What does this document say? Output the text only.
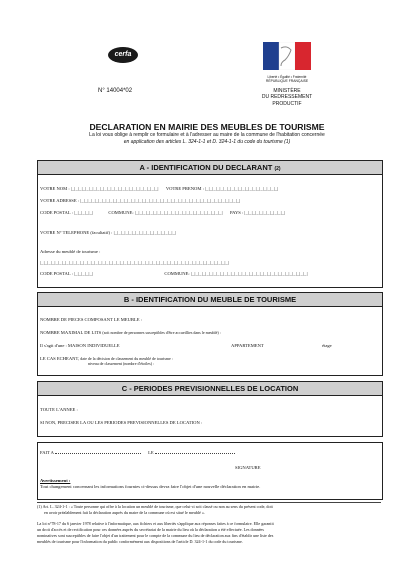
cerfa
N° 14004*02
Liberté • Égalité • Fraternité
RÉPUBLIQUE FRANÇAISE
MINISTÈRE
DU REDRESSEMENT
PRODUCTIF
DECLARATION EN MAIRIE DES MEUBLES DE TOURISME
La loi vous oblige à remplir ce formulaire et à l'adresser au maire de la commune de l'habitation concernée
en application des articles L. 324-1-1 et D. 324-1-1 du code du tourisme (1)
A - IDENTIFICATION DU DECLARANT (2)
VOTRE NOM : |_|_|_|_|_|_|_|_|_|_|_|_|_|_|_|_|_|_|_|_|_|_|_|_| VOTRE PRENOM : |_|_|_|_|_|_|_|_|_|_|_|_|_|_|_|_|_|_|_|_|
VOTRE ADRESSE : |_|_|_|_|_|_|_|_|_|_|_|_|_|_|_|_|_|_|_|_|_|_|_|_|_|_|_|_|_|_|_|_|_|_|_|_|_|_|_|_|_|_|_|_|
CODE POSTAL : |_|_|_|_|_|	COMMUNE: |_|_|_|_|_|_|_|_|_|_|_|_|_|_|_|_|_|_|_|_|_|_|_|_| PAYS : |_|_|_|_|_|_|_|_|_|_|_|
VOTRE N° TELEPHONE (facultatif) : |_|_|_|_|_|_|_|_|_|_|_|_|_|_|_|_|_|
Adresse du meublé de tourisme :
|_|_|_|_|_|_|_|_|_|_|_|_|_|_|_|_|_|_|_|_|_|_|_|_|_|_|_|_|_|_|_|_|_|_|_|_|_|_|_|_|_|_|_|_|_|_|_|_|_|_|_|_|
CODE POSTAL : |_|_|_|_|_|	COMMUNE: |_|_|_|_|_|_|_|_|_|_|_|_|_|_|_|_|_|_|_|_|_|_|_|_|_|_|_|_|_|_|_|_|
B - IDENTIFICATION DU MEUBLE DE TOURISME
NOMBRE DE PIECES COMPOSANT LE MEUBLE :
NOMBRE MAXIMAL DE LITS (soit nombre de personnes susceptibles d'être accueillies dans le meublé) :
Il s'agit d'une : MAISON INDIVIDUELLE	APPARTEMENT	étage
LE CAS ECHEANT, date de la décision de classement du meublé de tourisme :
niveau de classement (nombre d'étoiles) :
C - PERIODES PREVISIONNELLES DE LOCATION
TOUTE L'ANNEE :
SI NON, PRECISER LA OU LES PERIODES PREVISIONNELLES DE LOCATION :
FAIT A	LE
SIGNATURE
Avertissement :
Tout changement concernant les informations fournies ci-dessus devra faire l'objet d'une nouvelle déclaration en mairie.
(1) Art. L. 324-1-1 : « Toute personne qui offre à la location un meublé de tourisme, que celui-ci soit classé ou non au sens du présent code, doit
en avoir préalablement fait la déclaration auprès du maire de la commune où est situé le meublé ».
La loi n°78-17 du 6 janvier 1978 relative à l'informatique, aux fichiers et aux libertés s'applique aux réponses faites à ce formulaire. Elle garantit
un droit d'accès et de rectification pour ces données auprès du secrétariat de la mairie du lieu où la déclaration a été effectuée. Les données
nominatives sont susceptibles de faire l'objet d'un traitement pour le compte de la commune du lieu de déclaration aux fins d'établir une liste des
meublés de tourisme pour l'information du public conformément aux dispositions de l'article D. 324-1-1 du code du tourisme.
